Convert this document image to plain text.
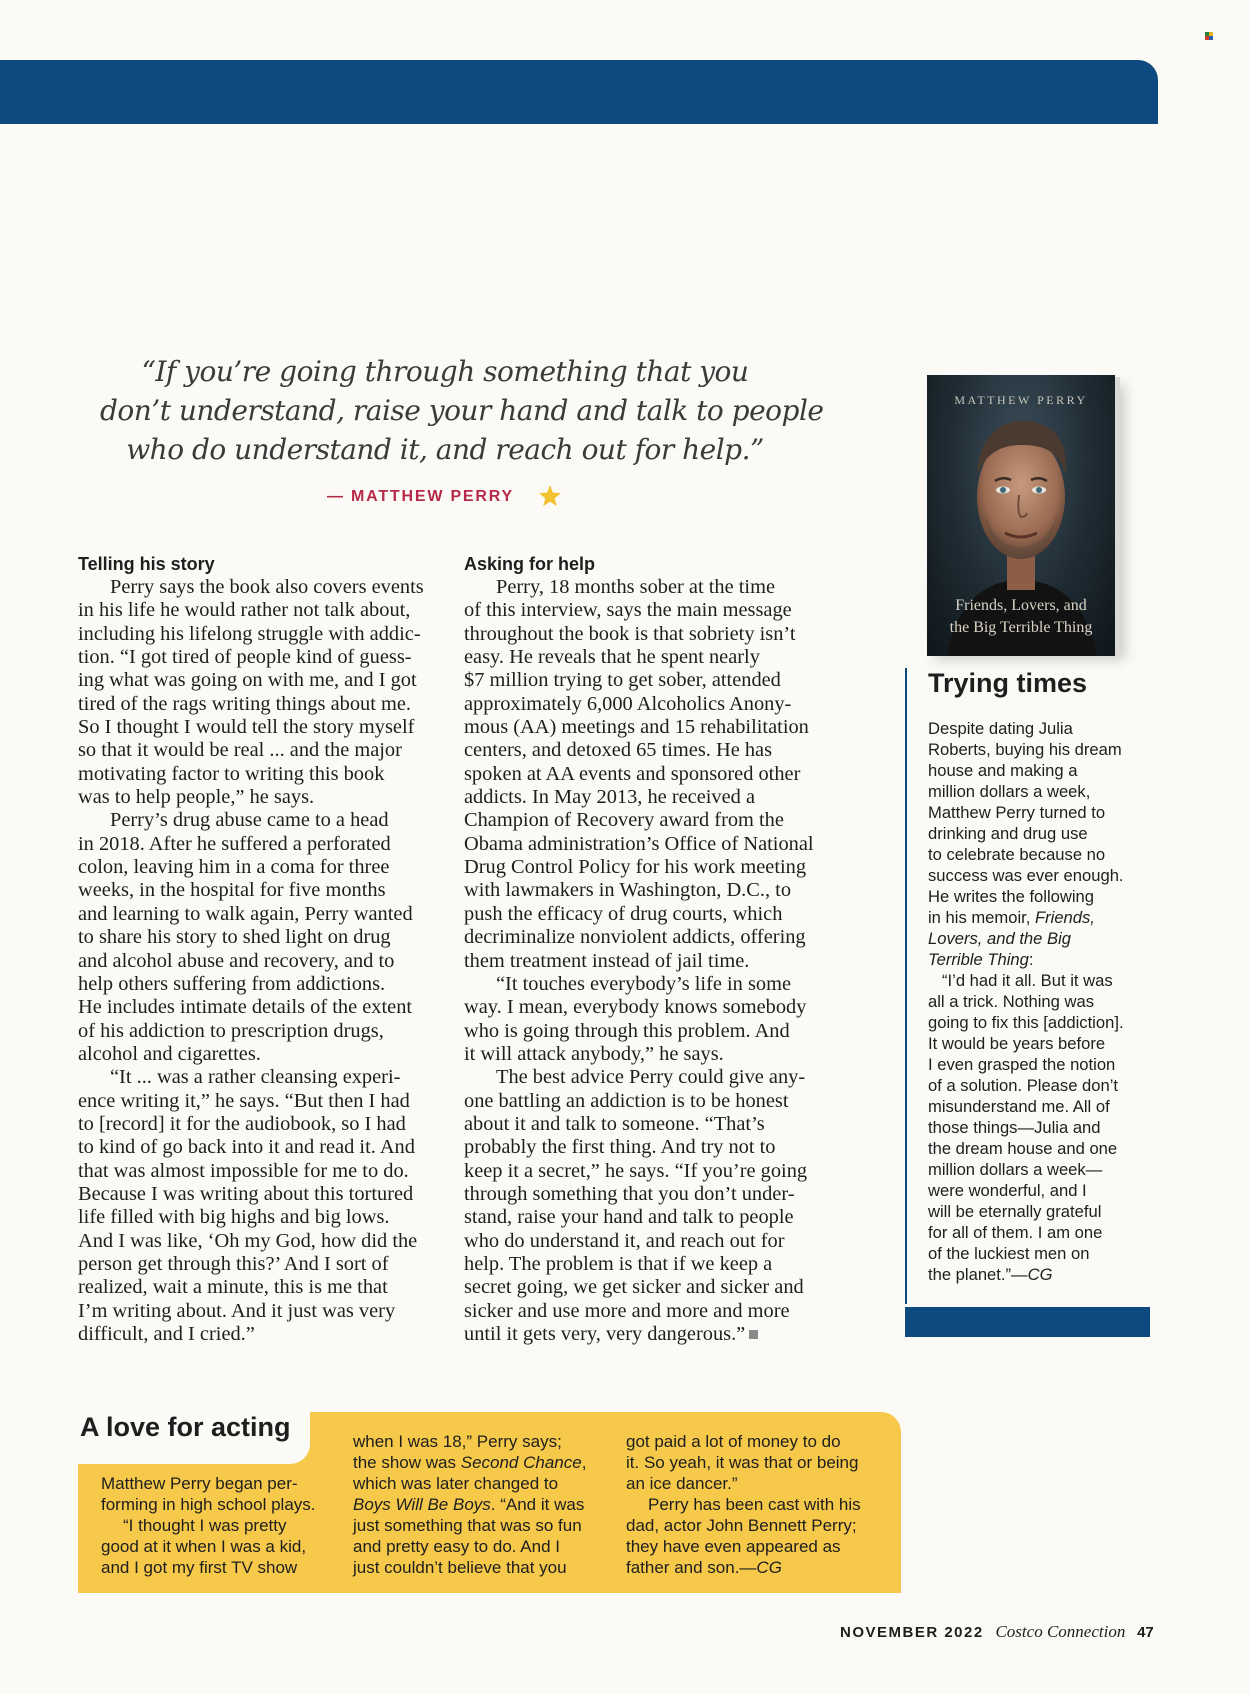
“If you’re going through something that you
don’t understand, raise your hand and talk to people
who do understand it, and reach out for help.”
— MATTHEW PERRY
Telling his story
Perry says the book also covers events
in his life he would rather not talk about,
including his lifelong struggle with addic-
tion. “I got tired of people kind of guess-
ing what was going on with me, and I got
tired of the rags writing things about me.
So I thought I would tell the story myself
so that it would be real ... and the major
motivating factor to writing this book
was to help people,” he says.
Perry’s drug abuse came to a head
in 2018. After he suffered a perforated
colon, leaving him in a coma for three
weeks, in the hospital for five months
and learning to walk again, Perry wanted
to share his story to shed light on drug
and alcohol abuse and recovery, and to
help others suffering from addictions.
He includes intimate details of the extent
of his addiction to prescription drugs,
alcohol and cigarettes.
“It ... was a rather cleansing experi-
ence writing it,” he says. “But then I had
to [record] it for the audiobook, so I had
to kind of go back into it and read it. And
that was almost impossible for me to do.
Because I was writing about this tortured
life filled with big highs and big lows.
And I was like, ‘Oh my God, how did the
person get through this?’ And I sort of
realized, wait a minute, this is me that
I’m writing about. And it just was very
difficult, and I cried.”
Asking for help
Perry, 18 months sober at the time
of this interview, says the main message
throughout the book is that sobriety isn’t
easy. He reveals that he spent nearly
$7 million trying to get sober, attended
approximately 6,000 Alcoholics Anony-
mous (AA) meetings and 15 rehabilitation
centers, and detoxed 65 times. He has
spoken at AA events and sponsored other
addicts. In May 2013, he received a
Champion of Recovery award from the
Obama administration’s Office of National
Drug Control Policy for his work meeting
with lawmakers in Washington, D.C., to
push the efficacy of drug courts, which
decriminalize nonviolent addicts, offering
them treatment instead of jail time.
“It touches everybody’s life in some
way. I mean, everybody knows somebody
who is going through this problem. And
it will attack anybody,” he says.
The best advice Perry could give any-
one battling an addiction is to be honest
about it and talk to someone. “That’s
probably the first thing. And try not to
keep it a secret,” he says. “If you’re going
through something that you don’t under-
stand, raise your hand and talk to people
who do understand it, and reach out for
help. The problem is that if we keep a
secret going, we get sicker and sicker and
sicker and use more and more and more
until it gets very, very dangerous.”
MATTHEW PERRY
Friends, Lovers, and
the Big Terrible Thing
Trying times
Despite dating Julia
Roberts, buying his dream
house and making a
million dollars a week,
Matthew Perry turned to
drinking and drug use
to celebrate because no
success was ever enough.
He writes the following
in his memoir, Friends,
Lovers, and the Big
Terrible Thing:
“I’d had it all. But it was
all a trick. Nothing was
going to fix this [addiction].
It would be years before
I even grasped the notion
of a solution. Please don’t
misunderstand me. All of
those things—Julia and
the dream house and one
million dollars a week—
were wonderful, and I
will be eternally grateful
for all of them. I am one
of the luckiest men on
the planet.”—CG
A love for acting
Matthew Perry began per-
forming in high school plays.
“I thought I was pretty
good at it when I was a kid,
and I got my first TV show
when I was 18,” Perry says;
the show was Second Chance,
which was later changed to
Boys Will Be Boys. “And it was
just something that was so fun
and pretty easy to do. And I
just couldn’t believe that you
got paid a lot of money to do
it. So yeah, it was that or being
an ice dancer.”
Perry has been cast with his
dad, actor John Bennett Perry;
they have even appeared as
father and son.—CG
NOVEMBER 2022 Costco Connection 47
